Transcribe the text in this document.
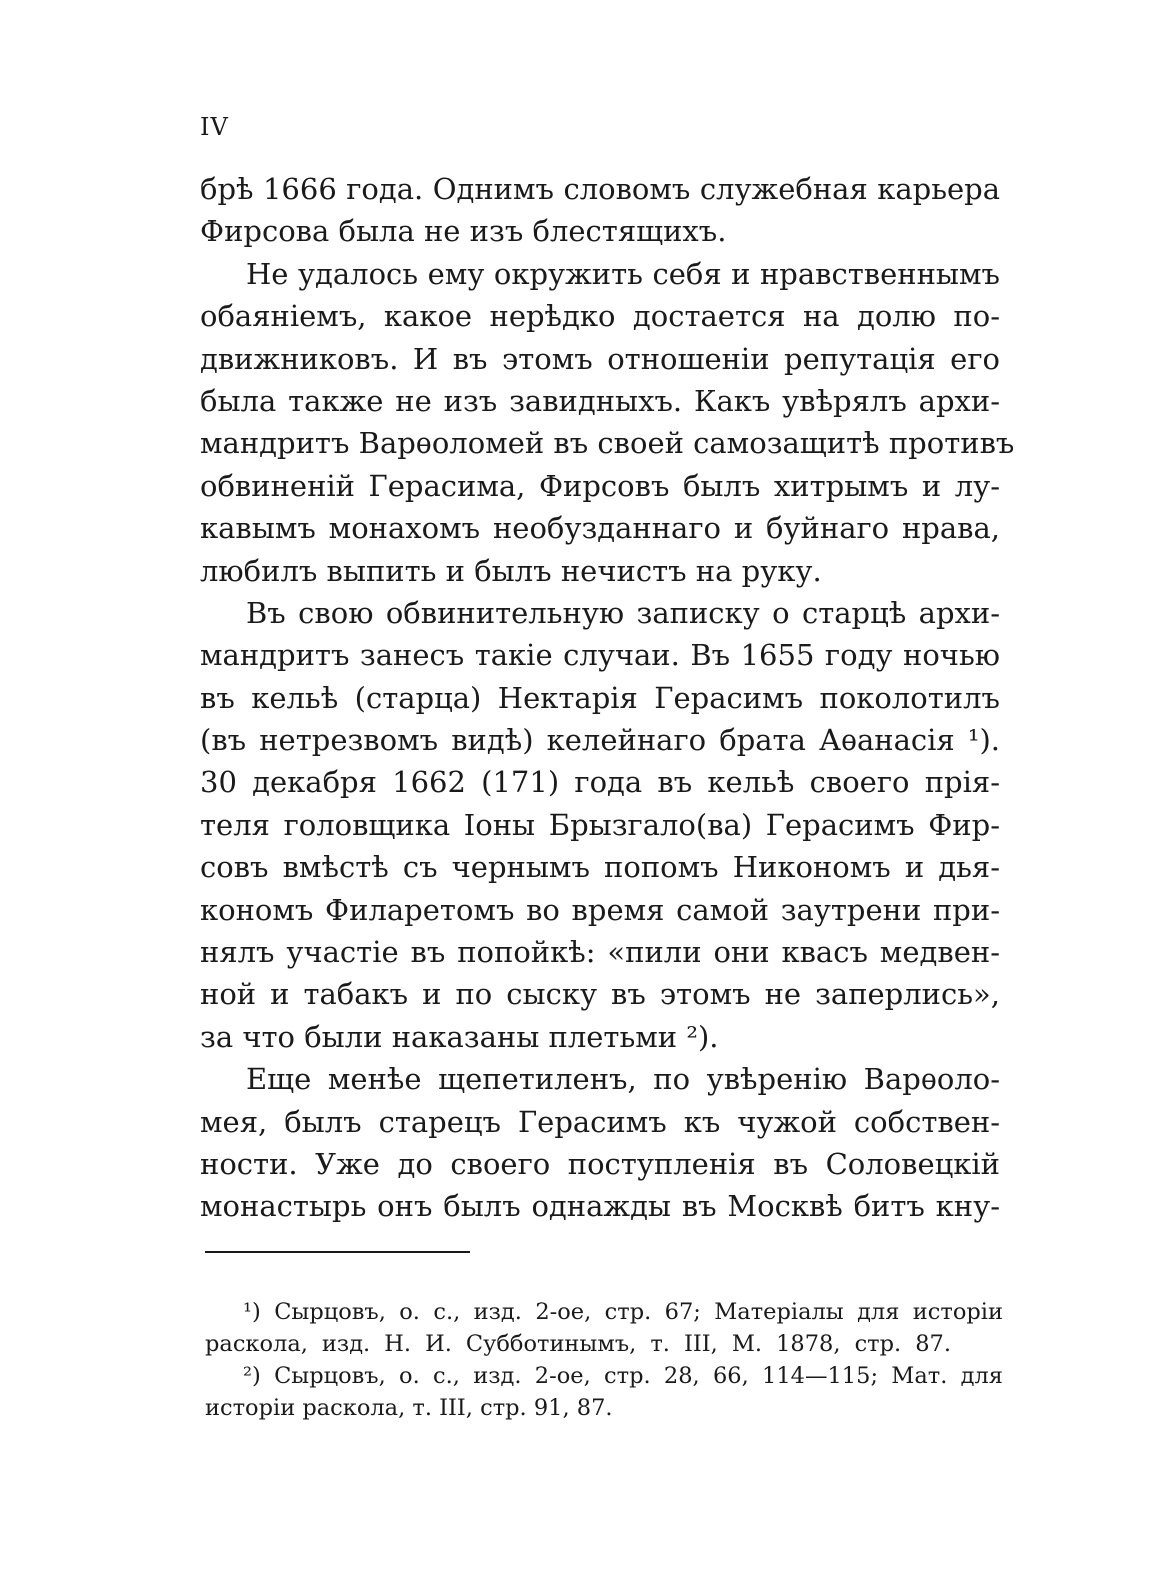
IV
брѣ 1666 года. Однимъ словомъ служебная карьера
Фирсова была не изъ блестящихъ.
Не удалось ему окружить себя и нравственнымъ
обаяніемъ, какое нерѣдко достается на долю по-
движниковъ. И въ этомъ отношеніи репутація его
была также не изъ завидныхъ. Какъ увѣрялъ архи-
мандритъ Варѳоломей въ своей самозащитѣ противъ
обвиненій Герасима, Фирсовъ былъ хитрымъ и лу-
кавымъ монахомъ необузданнаго и буйнаго нрава,
любилъ выпить и былъ нечистъ на руку.
Въ свою обвинительную записку о старцѣ архи-
мандритъ занесъ такіе случаи. Въ 1655 году ночью
въ кельѣ (старца) Нектарія Герасимъ поколотилъ
(въ нетрезвомъ видѣ) келейнаго брата Аѳанасія ¹).
30 декабря 1662 (171) года въ кельѣ своего прія-
теля головщика Іоны Брызгало(ва) Герасимъ Фир-
совъ вмѣстѣ съ чернымъ попомъ Никономъ и дья-
кономъ Филаретомъ во время самой заутрени при-
нялъ участіе въ попойкѣ: «пили они квасъ медвен-
ной и табакъ и по сыску въ этомъ не заперлись»,
за что были наказаны плетьми ²).
Еще менѣе щепетиленъ, по увѣренію Варѳоло-
мея, былъ старецъ Герасимъ къ чужой собствен-
ности. Уже до своего поступленія въ Соловецкій
монастырь онъ былъ однажды въ Москвѣ битъ кну-
¹) Сырцовъ, о. с., изд. 2-ое, стр. 67; Матеріалы для исторіи
раскола, изд. Н. И. Субботинымъ, т. III, М. 1878, стр. 87.
²) Сырцовъ, о. с., изд. 2-ое, стр. 28, 66, 114—115; Мат. для
исторіи раскола, т. III, стр. 91, 87.
